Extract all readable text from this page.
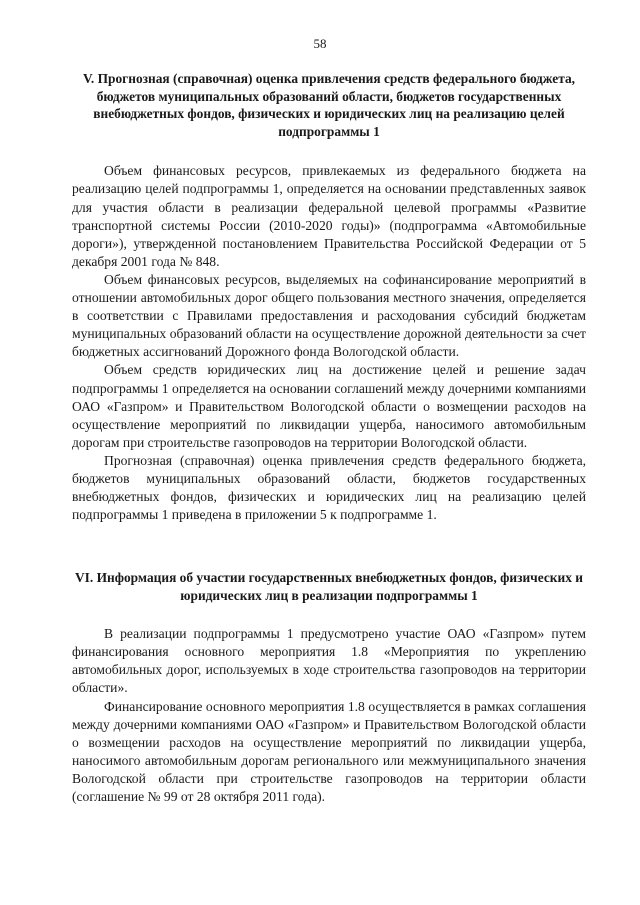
58
V. Прогнозная (справочная) оценка привлечения средств федерального бюджета, бюджетов муниципальных образований области, бюджетов государственных внебюджетных фондов, физических и юридических лиц на реализацию целей подпрограммы 1

Объем финансовых ресурсов, привлекаемых из федерального бюджета на реализацию целей подпрограммы 1, определяется на основании представленных заявок для участия области в реализации федеральной целевой программы «Развитие транспортной системы России (2010-2020 годы)» (подпрограмма «Автомобильные дороги»), утвержденной постановлением Правительства Российской Федерации от 5 декабря 2001 года № 848.

Объем финансовых ресурсов, выделяемых на софинансирование мероприятий в отношении автомобильных дорог общего пользования местного значения, определяется в соответствии с Правилами предоставления и расходования субсидий бюджетам муниципальных образований области на осуществление дорожной деятельности за счет бюджетных ассигнований Дорожного фонда Вологодской области.

Объем средств юридических лиц на достижение целей и решение задач подпрограммы 1 определяется на основании соглашений между дочерними компаниями ОАО «Газпром» и Правительством Вологодской области о возмещении расходов на осуществление мероприятий по ликвидации ущерба, наносимого автомобильным дорогам при строительстве газопроводов на территории Вологодской области.

Прогнозная (справочная) оценка привлечения средств федерального бюджета, бюджетов муниципальных образований области, бюджетов государственных внебюджетных фондов, физических и юридических лиц на реализацию целей подпрограммы 1 приведена в приложении 5 к подпрограмме 1.

VI. Информация об участии государственных внебюджетных фондов, физических и юридических лиц в реализации подпрограммы 1

В реализации подпрограммы 1 предусмотрено участие ОАО «Газпром» путем финансирования основного мероприятия 1.8 «Мероприятия по укреплению автомобильных дорог, используемых в ходе строительства газопроводов на территории области».

Финансирование основного мероприятия 1.8 осуществляется в рамках соглашения между дочерними компаниями ОАО «Газпром» и Правительством Вологодской области о возмещении расходов на осуществление мероприятий по ликвидации ущерба, наносимого автомобильным дорогам регионального или межмуниципального значения Вологодской области при строительстве газопроводов на территории области (соглашение № 99 от 28 октября 2011 года).
